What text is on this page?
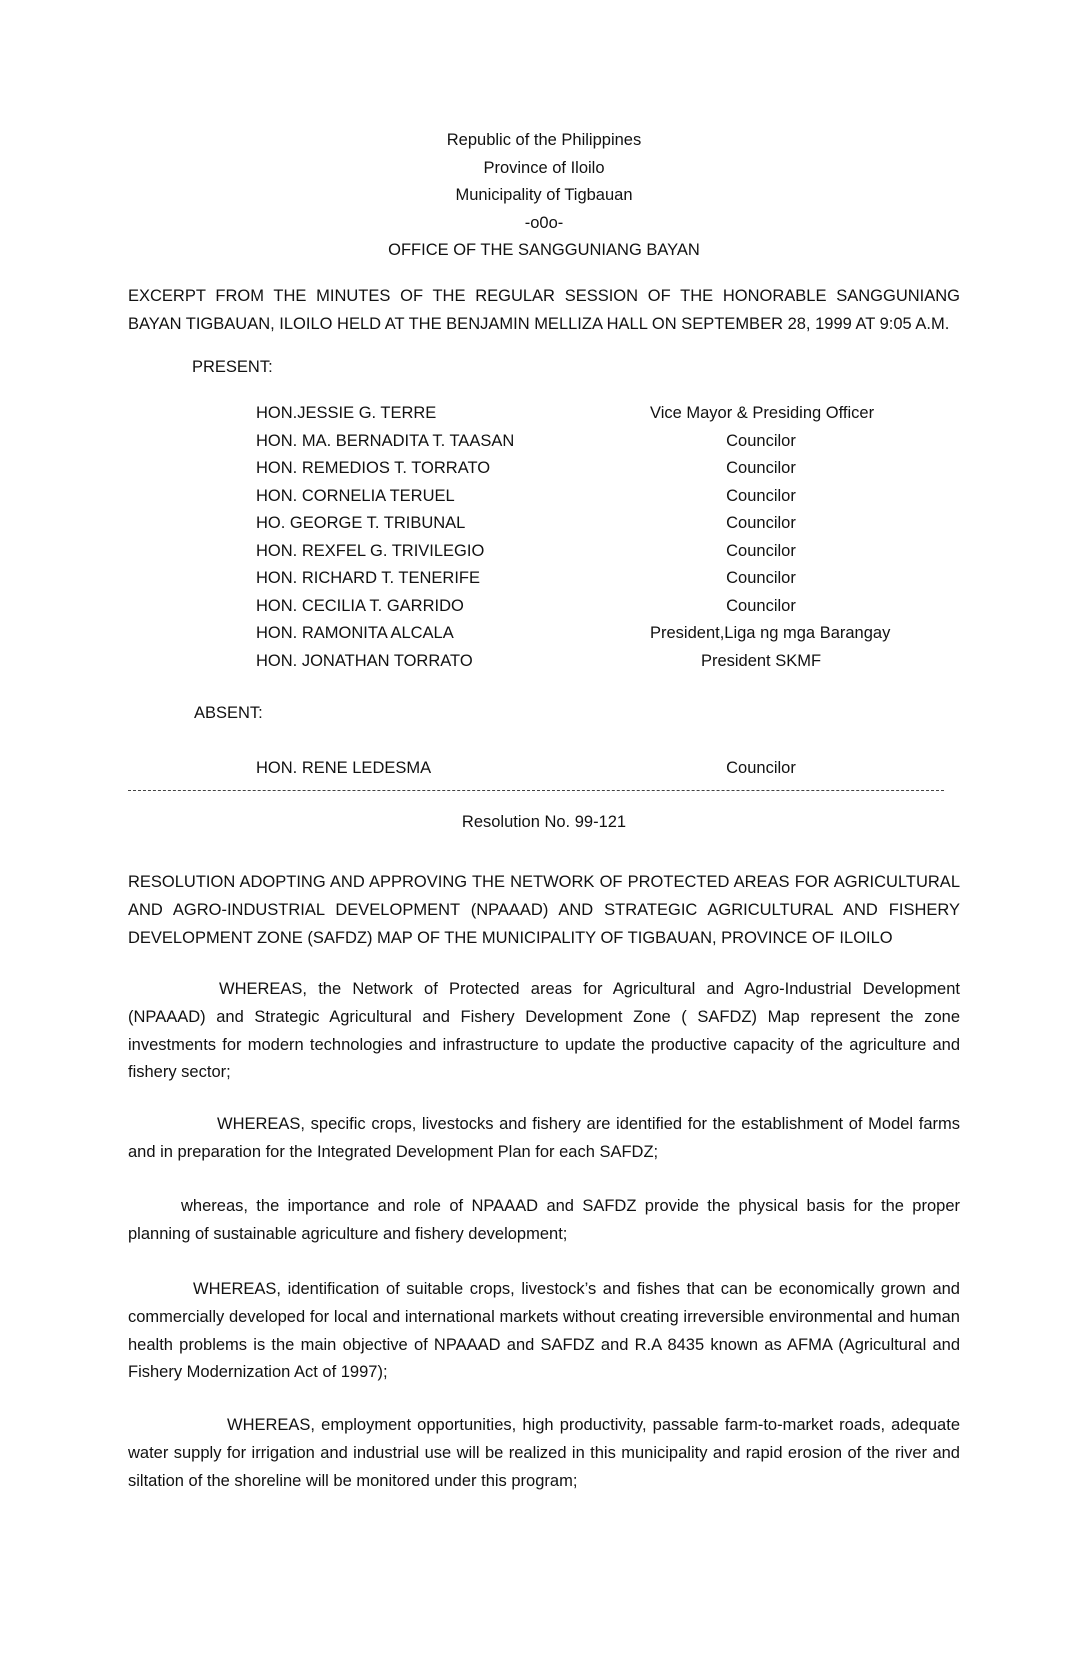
Republic of the Philippines
Province of Iloilo
Municipality of Tigbauan
-o0o-
OFFICE OF THE SANGGUNIANG BAYAN
EXCERPT FROM THE MINUTES OF THE REGULAR SESSION OF THE HONORABLE SANGGUNIANG BAYAN TIGBAUAN, ILOILO HELD AT THE BENJAMIN MELLIZA HALL ON SEPTEMBER 28, 1999 AT 9:05 A.M.
PRESENT:
HON.JESSIE G. TERRE	Vice Mayor & Presiding Officer
HON. MA. BERNADITA T. TAASAN	Councilor
HON. REMEDIOS T. TORRATO	Councilor
HON. CORNELIA TERUEL	Councilor
HO. GEORGE T. TRIBUNAL	Councilor
HON. REXFEL G. TRIVILEGIO	Councilor
HON. RICHARD T. TENERIFE	Councilor
HON. CECILIA T. GARRIDO	Councilor
HON. RAMONITA ALCALA	President,Liga ng mga Barangay
HON. JONATHAN TORRATO	President SKMF
ABSENT:
HON. RENE LEDESMA	Councilor
Resolution No. 99-121
RESOLUTION ADOPTING AND APPROVING THE NETWORK OF PROTECTED AREAS FOR AGRICULTURAL
AND AGRO-INDUSTRIAL DEVELOPMENT (NPAAAD) AND STRATEGIC AGRICULTURAL AND FISHERY
DEVELOPMENT ZONE (SAFDZ) MAP OF THE MUNICIPALITY OF TIGBAUAN, PROVINCE OF ILOILO
WHEREAS, the Network of Protected areas for Agricultural and Agro-Industrial Development (NPAAAD) and Strategic Agricultural and Fishery Development Zone ( SAFDZ) Map represent the zone investments for modern technologies and infrastructure to update the productive capacity of the agriculture and fishery sector;
WHEREAS, specific crops, livestocks and fishery are identified for the establishment of Model farms and in preparation for the Integrated Development Plan for each SAFDZ;
whereas, the importance and role of NPAAAD and SAFDZ provide the physical basis for the proper planning of sustainable agriculture and fishery development;
WHEREAS, identification of suitable crops, livestock’s and fishes that can be economically grown and commercially developed for local and international markets without creating irreversible environmental and human health problems is the main objective of NPAAAD and SAFDZ and R.A 8435 known as AFMA (Agricultural and Fishery Modernization Act of 1997);
WHEREAS, employment opportunities, high productivity, passable farm-to-market roads, adequate water supply for irrigation and industrial use will be realized in this municipality and rapid erosion of the river and siltation of the shoreline will be monitored under this program;
